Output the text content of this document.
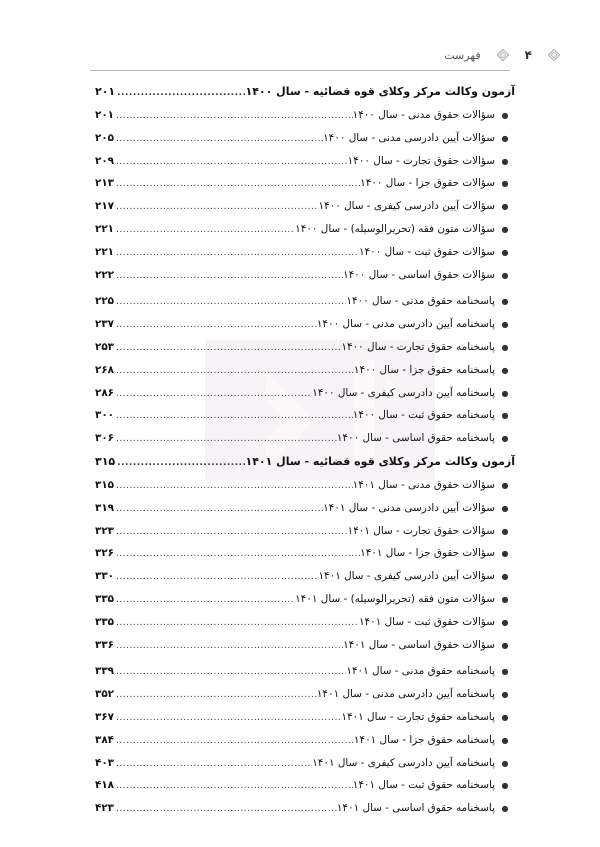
۴
فهرست
آزمون وکالت مرکز وکلای قوه قضائیه - سال ۱۴۰۰
.....
۲۰۱
●
سؤالات حقوق مدنی - سال ۱۴۰۰
.....
۲۰۱
●
سؤالات آیین دادرسی مدنی - سال ۱۴۰۰
.....
۲۰۵
●
سؤالات حقوق تجارت - سال ۱۴۰۰
.....
۲۰۹
●
سؤالات حقوق جزا - سال ۱۴۰۰
.....
۲۱۳
●
سؤالات آیین دادرسی کیفری - سال ۱۴۰۰
.....
۲۱۷
●
سؤالات متون فقه (تحریرالوسیله) - سال ۱۴۰۰
.....
۲۲۱
●
سؤالات حقوق ثبت - سال ۱۴۰۰
.....
۲۲۱
●
سؤالات حقوق اساسی - سال ۱۴۰۰
.....
۲۲۲
●
پاسخنامه حقوق مدنی - سال ۱۴۰۰
.....
۲۲۵
●
پاسخنامه آیین دادرسی مدنی - سال ۱۴۰۰
.....
۲۳۷
●
پاسخنامه حقوق تجارت - سال ۱۴۰۰
.....
۲۵۳
●
پاسخنامه حقوق جزا - سال ۱۴۰۰
.....
۲۶۸
●
پاسخنامه آیین دادرسی کیفری - سال ۱۴۰۰
.....
۲۸۶
●
پاسخنامه حقوق ثبت - سال ۱۴۰۰
.....
۳۰۰
●
پاسخنامه حقوق اساسی - سال ۱۴۰۰
.....
۳۰۶
آزمون وکالت مرکز وکلای قوه قضائیه - سال ۱۴۰۱
.....
۳۱۵
●
سؤالات حقوق مدنی - سال ۱۴۰۱
.....
۳۱۵
●
سؤالات آیین دادرسی مدنی - سال ۱۴۰۱
.....
۳۱۹
●
سؤالات حقوق تجارت - سال ۱۴۰۱
.....
۳۲۳
●
سؤالات حقوق جزا - سال ۱۴۰۱
.....
۳۲۶
●
سؤالات آیین دادرسی کیفری - سال ۱۴۰۱
.....
۳۳۰
●
سؤالات متون فقه (تحریرالوسیله) - سال ۱۴۰۱
.....
۳۳۵
●
سؤالات حقوق ثبت - سال ۱۴۰۱
.....
۳۳۵
●
سؤالات حقوق اساسی - سال ۱۴۰۱
.....
۳۳۶
●
پاسخنامه حقوق مدنی - سال ۱۴۰۱
.....
۳۳۹
●
پاسخنامه آیین دادرسی مدنی - سال ۱۴۰۱
.....
۳۵۲
●
پاسخنامه حقوق تجارت - سال ۱۴۰۱
.....
۳۶۷
●
پاسخنامه حقوق جزا - سال ۱۴۰۱
.....
۳۸۴
●
پاسخنامه آیین دادرسی کیفری - سال ۱۴۰۱
.....
۴۰۳
●
پاسخنامه حقوق ثبت - سال ۱۴۰۱
.....
۴۱۸
●
پاسخنامه حقوق اساسی - سال ۱۴۰۱
.....
۴۲۳
